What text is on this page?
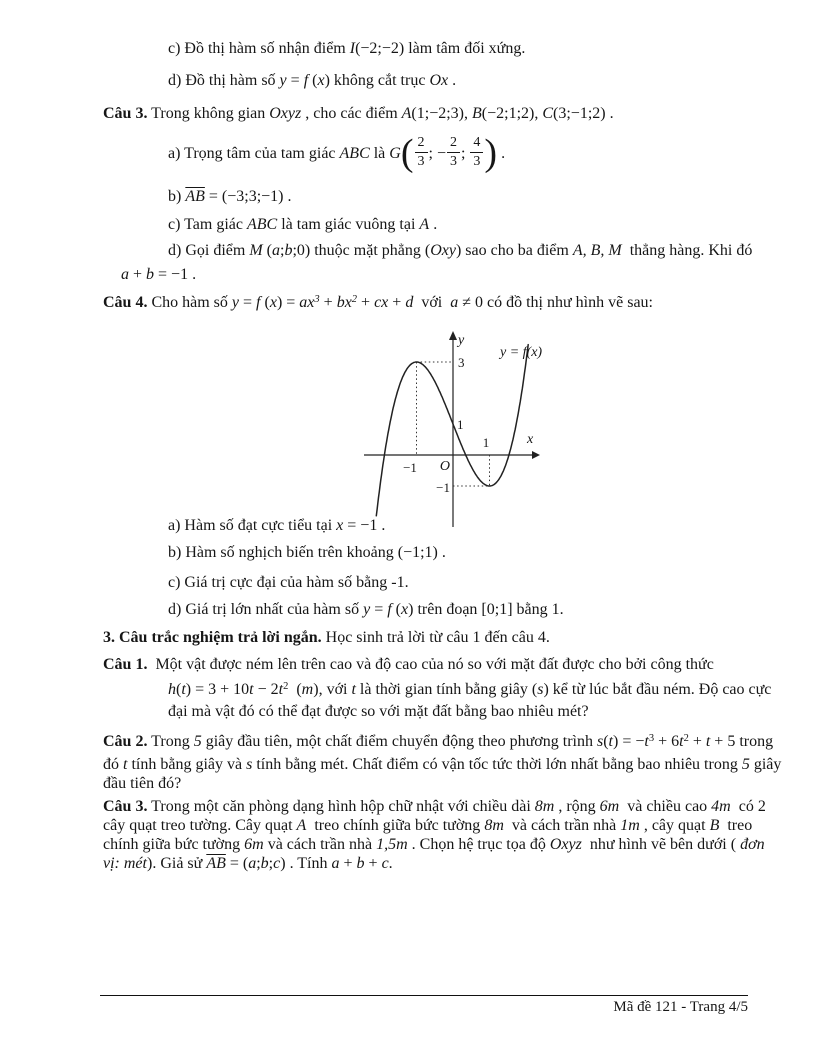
c) Đồ thị hàm số nhận điểm I(−2;−2) làm tâm đối xứng.
d) Đồ thị hàm số y = f (x) không cắt trục Ox .
Câu 3. Trong không gian Oxyz , cho các điểm A(1;−2;3), B(−2;1;2), C(3;−1;2) .
a) Trọng tâm của tam giác ABC là $G( \frac{2}{3}$ ; − $\frac{2}{3}$ ; $\frac{4}{3}$ ) .
b) $\overline{AB}$ = (−3;3;−1) .
c) Tam giác ABC là tam giác vuông tại A .
d) Gọi điểm M (a;b;0) thuộc mặt phẳng (Oxy) sao cho ba điểm A, B, M  thẳng hàng. Khi đó
a + b = −1 .
Câu 4. Cho hàm số y = f $(x) = ax^3 + bx^2$ + cx + d  với  a ≠ 0 có đồ thị như hình vẽ sau:
y
x
O
3
1
−1
1
−1
y = f(x)
a) Hàm số đạt cực tiểu tại x = −1 .
b) Hàm số nghịch biến trên khoảng (−1;1) .
c) Giá trị cực đại của hàm số bằng -1.
d) Giá trị lớn nhất của hàm số y = f (x) trên đoạn [0;1] bằng 1.
3. Câu trắc nghiệm trả lời ngắn. Học sinh trả lời từ câu 1 đến câu 4.
Câu 1.  Một vật được ném lên trên cao và độ cao của nó so với mặt đất được cho bởi công thức
$h(t) = 3 + 10t - 2t^2$  (m), với t là thời gian tính bằng giây (s) kể từ lúc bắt đầu ném. Độ cao cực
đại mà vật đó có thể đạt được so với mặt đất bằng bao nhiêu mét?
Câu 2. Trong 5 giây đầu tiên, một chất điểm chuyển động theo phương trình $s(t) = -t^3 + 6t^2 + t + 5$ trong
đó t tính bằng giây và s tính bằng mét. Chất điểm có vận tốc tức thời lớn nhất bằng bao nhiêu trong 5 giây
đầu tiên đó?
Câu 3. Trong một căn phòng dạng hình hộp chữ nhật với chiều dài 8m , rộng 6m  và chiều cao 4m  có 2
cây quạt treo tường. Cây quạt A  treo chính giữa bức tường 8m  và cách trần nhà 1m , cây quạt B  treo
chính giữa bức tường 6m và cách trần nhà 1,5m . Chọn hệ trục tọa độ Oxyz  như hình vẽ bên dưới ( đơn
vị: mét). Giả sử $\overline{AB}$ = (a;b;c) . Tính a + b + c.
Mã đề 121 - Trang 4/5
